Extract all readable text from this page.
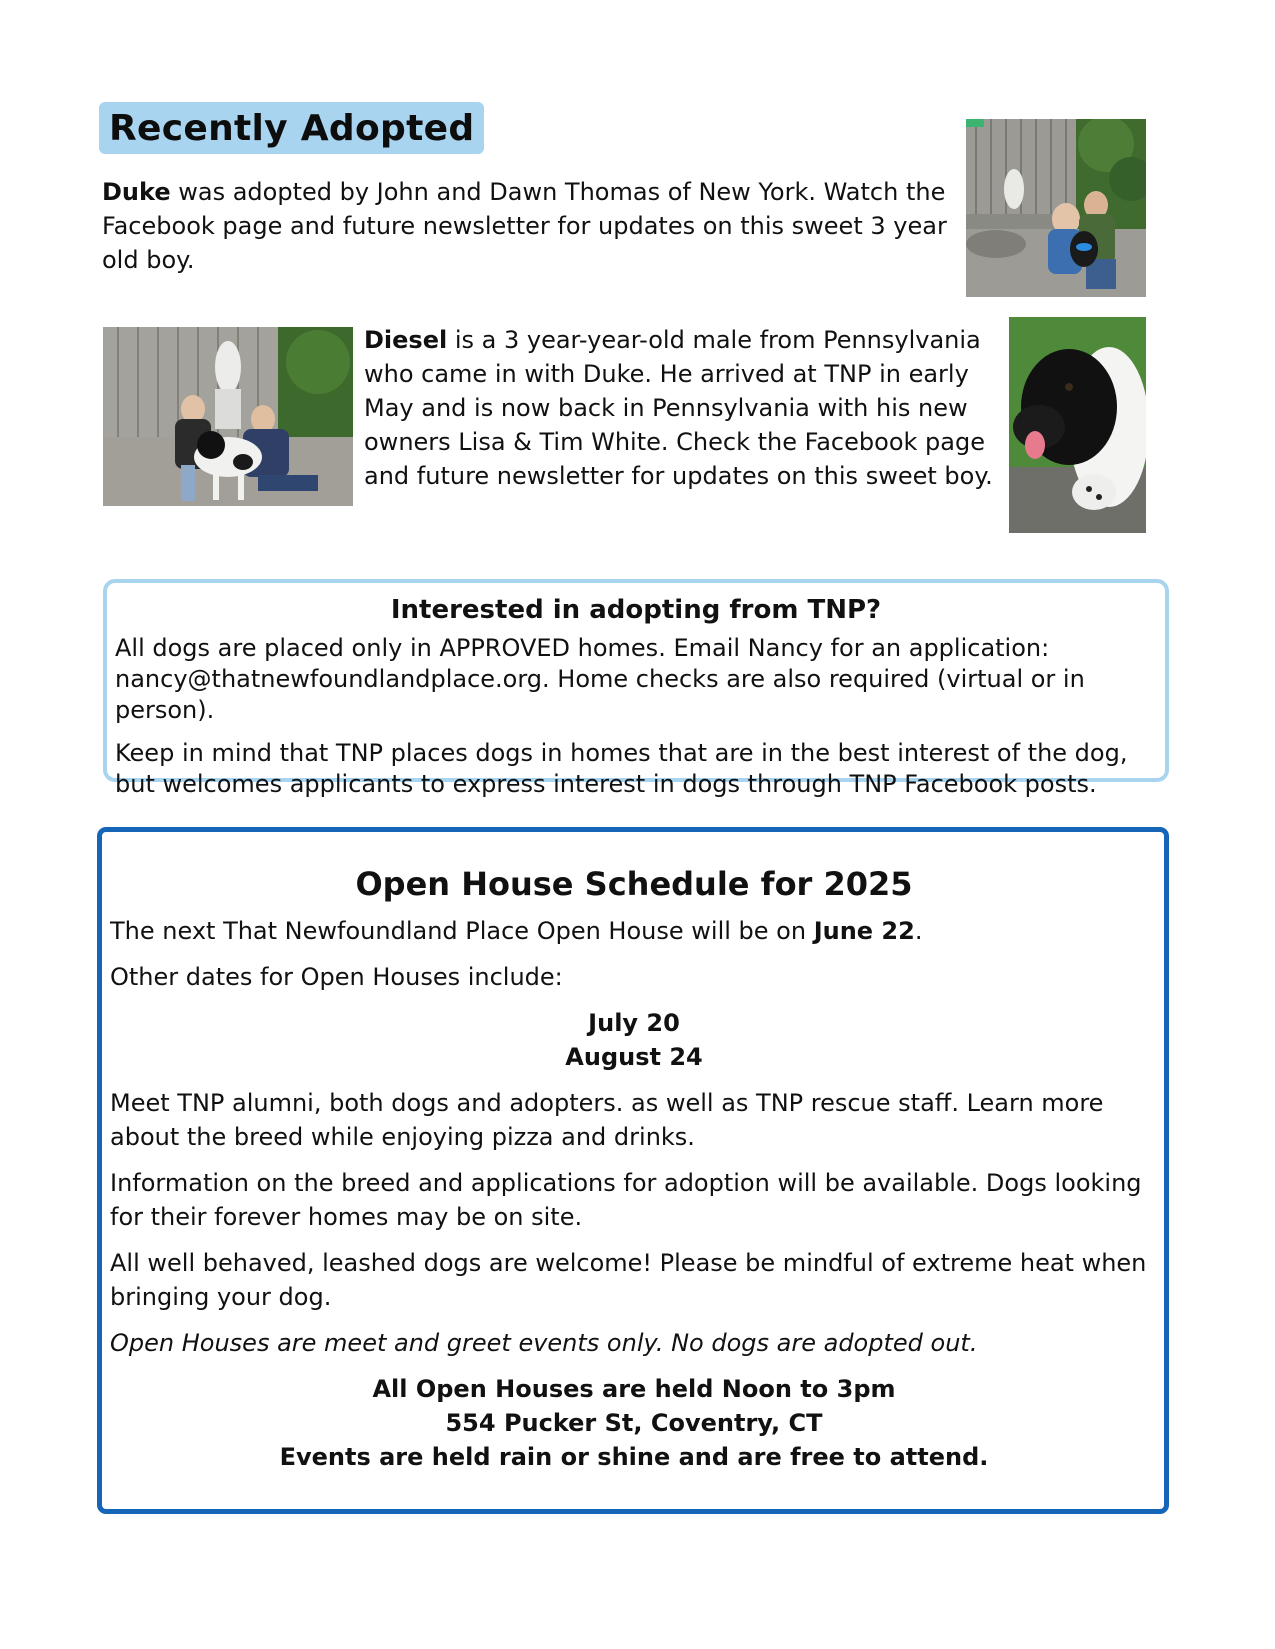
Recently Adopted
Duke was adopted by John and Dawn Thomas of New York. Watch the Facebook page and future newsletter for updates on this sweet 3 year old boy.
Diesel is a 3 year-year-old male from Pennsylvania who came in with Duke. He arrived at TNP in early May and is now back in Pennsylvania with his new owners Lisa & Tim White. Check the Facebook page and future newsletter for updates on this sweet boy.
Interested in adopting from TNP?

All dogs are placed only in APPROVED homes. Email Nancy for an application: nancy@thatnewfoundlandplace.org. Home checks are also required (virtual or in person).

Keep in mind that TNP places dogs in homes that are in the best interest of the dog, but welcomes applicants to express interest in dogs through TNP Facebook posts.

Open House Schedule for 2025

The next That Newfoundland Place Open House will be on June 22.

Other dates for Open Houses include:

July 20
August 24

Meet TNP alumni, both dogs and adopters. as well as TNP rescue staff. Learn more about the breed while enjoying pizza and drinks.

Information on the breed and applications for adoption will be available. Dogs looking for their forever homes may be on site.

All well behaved, leashed dogs are welcome! Please be mindful of extreme heat when bringing your dog.

Open Houses are meet and greet events only. No dogs are adopted out.

All Open Houses are held Noon to 3pm
554 Pucker St, Coventry, CT
Events are held rain or shine and are free to attend.
